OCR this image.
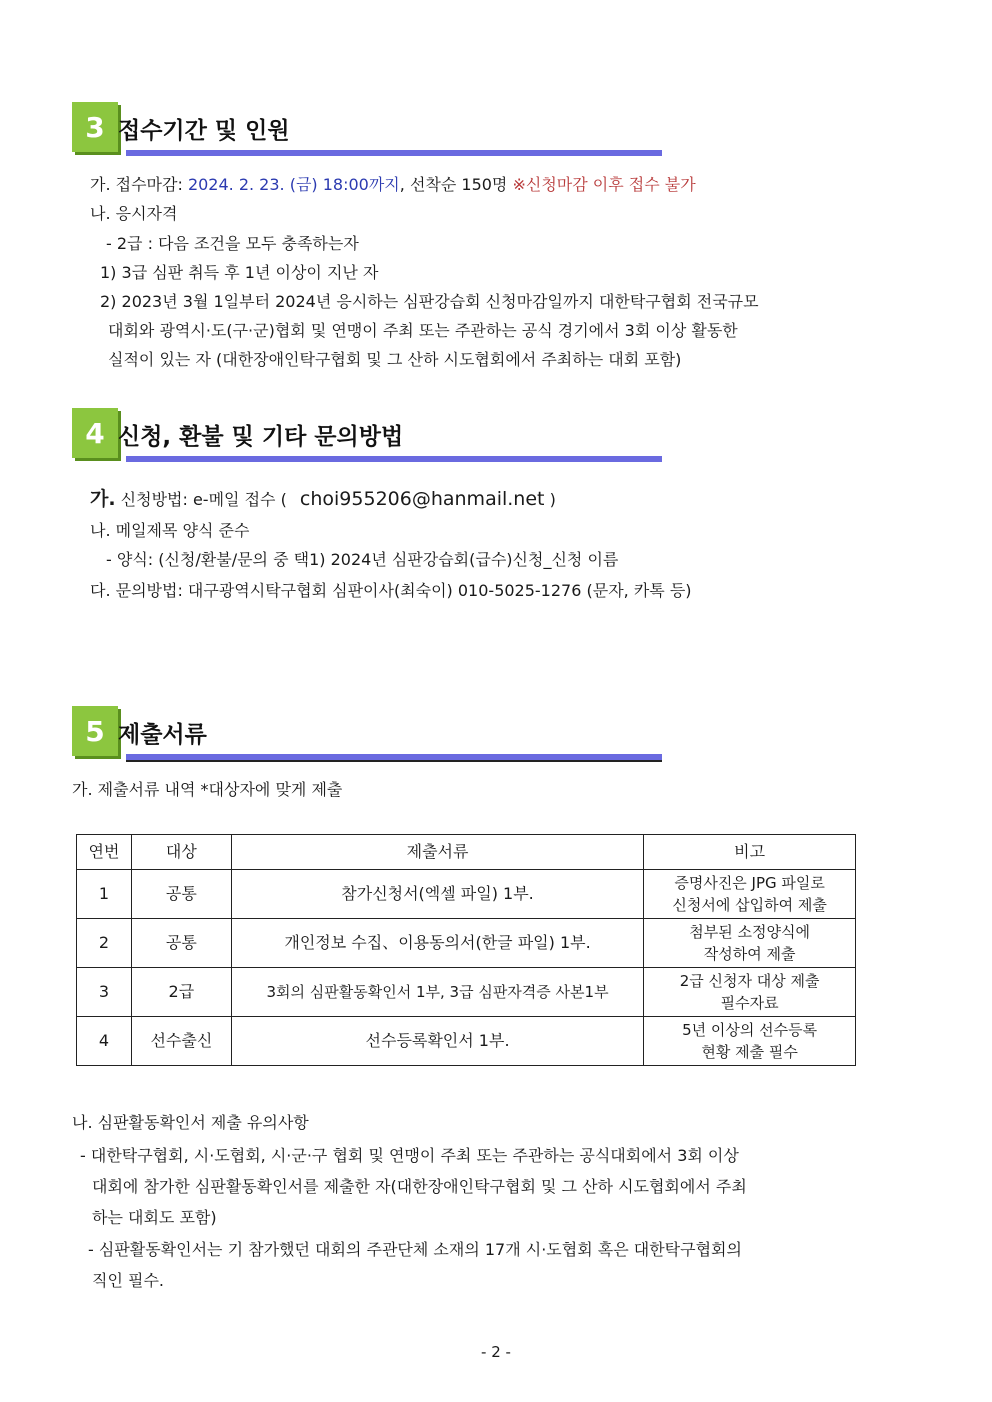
3 접수기간 및 인원
가. 접수마감: 2024. 2. 23. (금) 18:00까지, 선착순 150명 ※신청마감 이후 접수 불가
나. 응시자격
- 2급 : 다음 조건을 모두 충족하는자
1) 3급 심판 취득 후 1년 이상이 지난 자
2) 2023년 3월 1일부터 2024년 응시하는 심판강습회 신청마감일까지 대한탁구협회 전국규모
대회와 광역시·도(구·군)협회 및 연맹이 주최 또는 주관하는 공식 경기에서 3회 이상 활동한
실적이 있는 자 (대한장애인탁구협회 및 그 산하 시도협회에서 주최하는 대회 포함)
4 신청, 환불 및 기타 문의방법
가. 신청방법: e-메일 접수 ( choi955206@hanmail.net )
나. 메일제목 양식 준수
- 양식: (신청/환불/문의 중 택1) 2024년 심판강습회(급수)신청_신청 이름
다. 문의방법: 대구광역시탁구협회 심판이사(최숙이) 010-5025-1276 (문자, 카톡 등)
5 제출서류
가. 제출서류 내역 *대상자에 맞게 제출
연번	대상	제출서류	비고
1	공통	참가신청서(엑셀 파일) 1부.	증명사진은 JPG 파일로
신청서에 삽입하여 제출
2	공통	개인정보 수집、이용동의서(한글 파일) 1부.	첨부된 소정양식에
작성하여 제출
3	2급	3회의 심판활동확인서 1부, 3급 심판자격증 사본1부	2급 신청자 대상 제출
필수자료
4	선수출신	선수등록확인서 1부.	5년 이상의 선수등록
현황 제출 필수
나. 심판활동확인서 제출 유의사항
- 대한탁구협회, 시·도협회, 시·군·구 협회 및 연맹이 주최 또는 주관하는 공식대회에서 3회 이상
대회에 참가한 심판활동확인서를 제출한 자(대한장애인탁구협회 및 그 산하 시도협회에서 주최
하는 대회도 포함)
- 심판활동확인서는 기 참가했던 대회의 주관단체 소재의 17개 시·도협회 혹은 대한탁구협회의
직인 필수.
- 2 -
